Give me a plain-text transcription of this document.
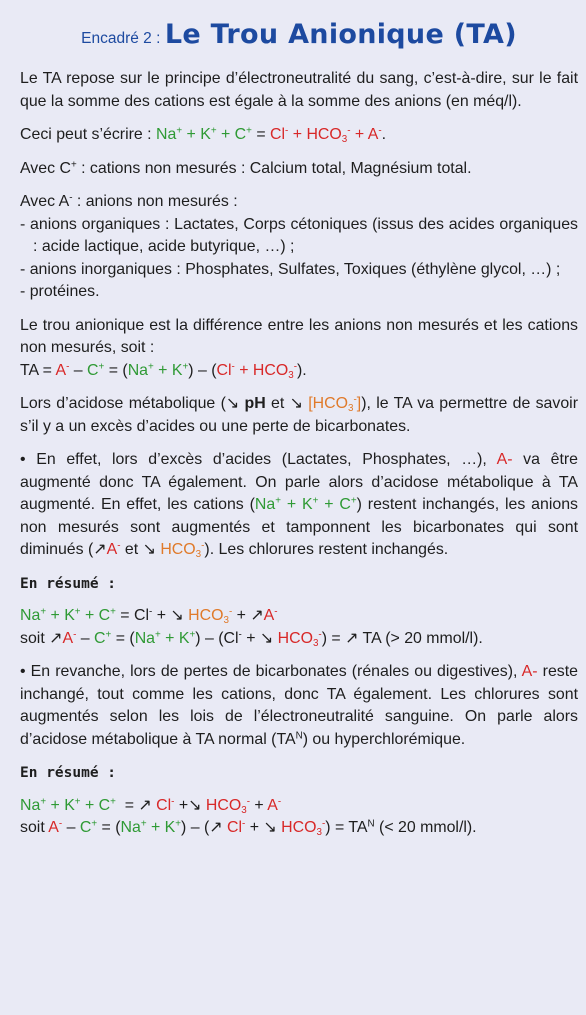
Encadré 2 : Le Trou Anionique (TA)

Le TA repose sur le principe d’électroneutralité du sang, c’est-à-dire, sur le fait que la somme des cations est égale à la somme des anions (en méq/l).

Ceci peut s’écrire : $Na^+ + K^+ + C^+ = Cl^- + HCO_3^- + A^-$.

Avec C+ : cations non mesurés : Calcium total, Magnésium total.

Avec A- : anions non mesurés :

- anions organiques : Lactates, Corps cétoniques (issus des acides organiques : acide lactique, acide butyrique, …) ;
- anions inorganiques : Phosphates, Sulfates, Toxiques (éthylène glycol, …) ;
- protéines.

Le trou anionique est la différence entre les anions non mesurés et les cations non mesurés, soit :

TA = $A^- - C^+ = (Na^+ + K^+) - (Cl^- + HCO_3^-)$.

Lors d’acidose métabolique (↘ pH et ↘ $[HCO_3^-]$), le TA va permettre de savoir s’il y a un excès d’acides ou une perte de bicarbonates.

• En effet, lors d’excès d’acides (Lactates, Phosphates, …), A- va être augmenté donc TA également. On parle alors d’acidose métabolique à TA augmenté. En effet, les cations (Na+ + K+ + C+) restent inchangés, les anions non mesurés sont augmentés et tamponnent les bicarbonates qui sont diminués (↗A- et ↘ $HCO_3^-$). Les chlorures restent inchangés.

En résumé :

Na+ + K+ + C+ = Cl- + ↘ $HCO_3^-$ + ↗A-

soit ↗A- – C+ = (Na+ + K+) – (Cl- + ↘ $HCO_3^-$) = ↗ TA (> 20 mmol/l).

• En revanche, lors de pertes de bicarbonates (rénales ou digestives), A- reste inchangé, tout comme les cations, donc TA également. Les chlorures sont augmentés selon les lois de l’électroneutralité sanguine. On parle alors d’acidose métabolique à TA normal $(TA^N)$ ou hyperchlorémique.

En résumé :

Na+ + K+ + C+  = ↗ Cl- +↘ $HCO_3^- + A^-$

soit A- – C+ = (Na+ + K+) – (↗ Cl- + ↘ $HCO_3^-) = TA^N$ (< 20 mmol/l).
